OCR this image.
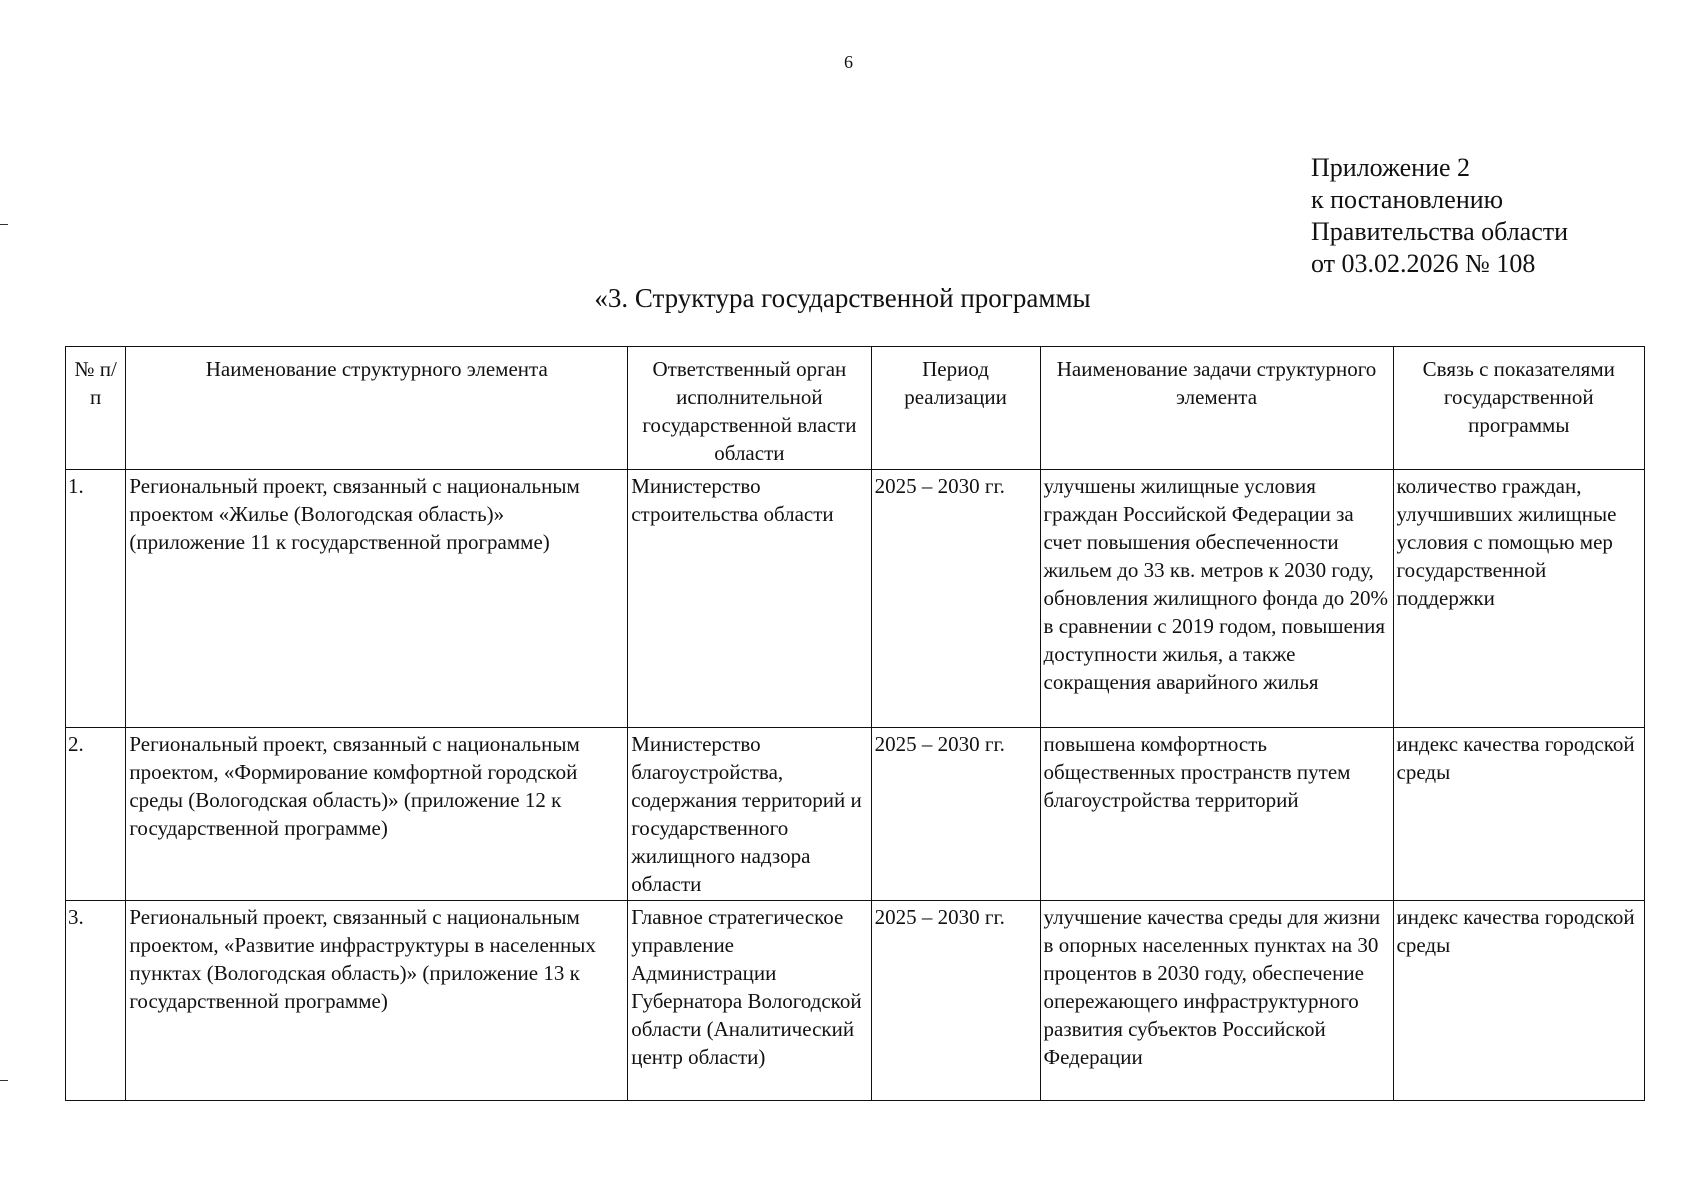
6
Приложение 2
к постановлению
Правительства области
от 03.02.2026 № 108
«3. Структура государственной программы
№ п/п	Наименование структурного элемента	Ответственный орган исполнительной государственной власти области	Период реализации	Наименование задачи структурного элемента	Связь с показателями государственной программы
1.	Региональный проект, связанный с национальным проектом «Жилье (Вологодская область)» (приложение 11 к государственной программе)	Министерство строительства области	2025 – 2030 гг.	улучшены жилищные условия граждан Российской Федерации за счет повышения обеспеченности жильем до 33 кв. метров к 2030 году, обновления жилищного фонда до 20% в сравнении с 2019 годом, повышения доступности жилья, а также сокращения аварийного жилья	количество граждан, улучшивших жилищные условия с помощью мер государственной поддержки
2.	Региональный проект, связанный с национальным проектом, «Формирование комфортной городской среды (Вологодская область)» (приложение 12 к государственной программе)	Министерство благоустройства, содержания территорий и государственного жилищного надзора области	2025 – 2030 гг.	повышена комфортность общественных пространств путем благоустройства территорий	индекс качества городской среды
3.	Региональный проект, связанный с национальным проектом, «Развитие инфраструктуры в населенных пунктах (Вологодская область)» (приложение 13 к государственной программе)	Главное стратегическое управление Администрации Губернатора Вологодской области (Аналитический центр области)	2025 – 2030 гг.	улучшение качества среды для жизни в опорных населенных пунктах на 30 процентов в 2030 году, обеспечение опережающего инфраструктурного развития субъектов Российской Федерации	индекс качества городской среды
